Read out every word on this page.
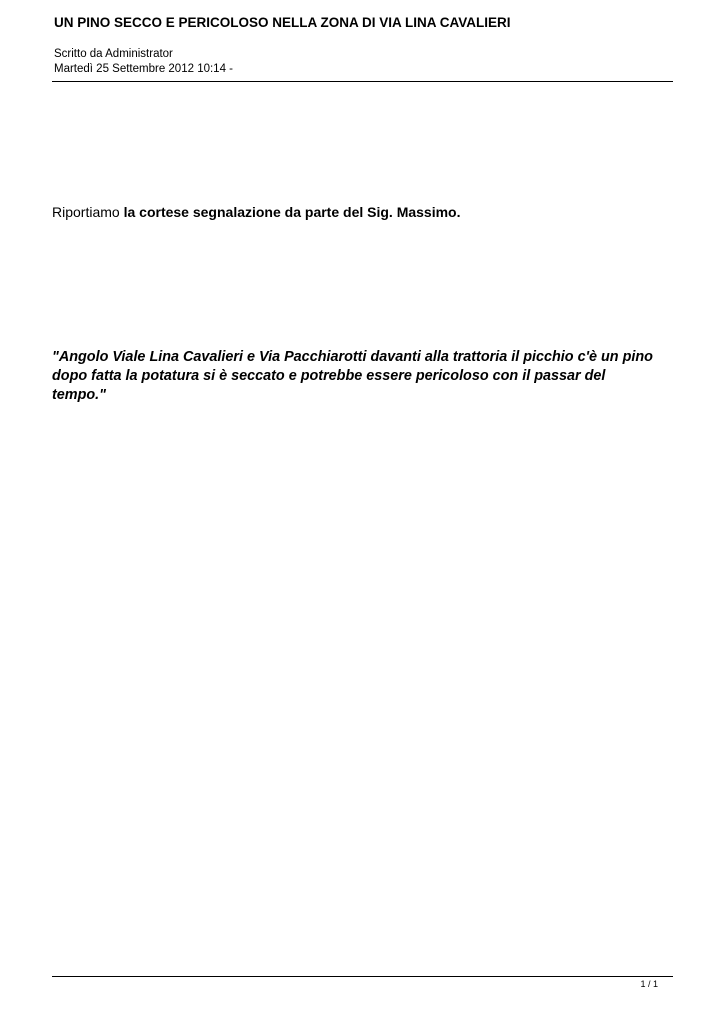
UN PINO SECCO E PERICOLOSO NELLA ZONA DI VIA LINA CAVALIERI
Scritto da Administrator
Martedì 25 Settembre 2012 10:14 -
Riportiamo la cortese segnalazione da parte del Sig. Massimo.
"Angolo Viale Lina Cavalieri e Via Pacchiarotti davanti alla trattoria il picchio c'è un pino
dopo fatta la potatura si è seccato e potrebbe essere pericoloso con il passar del
tempo."
1 / 1
